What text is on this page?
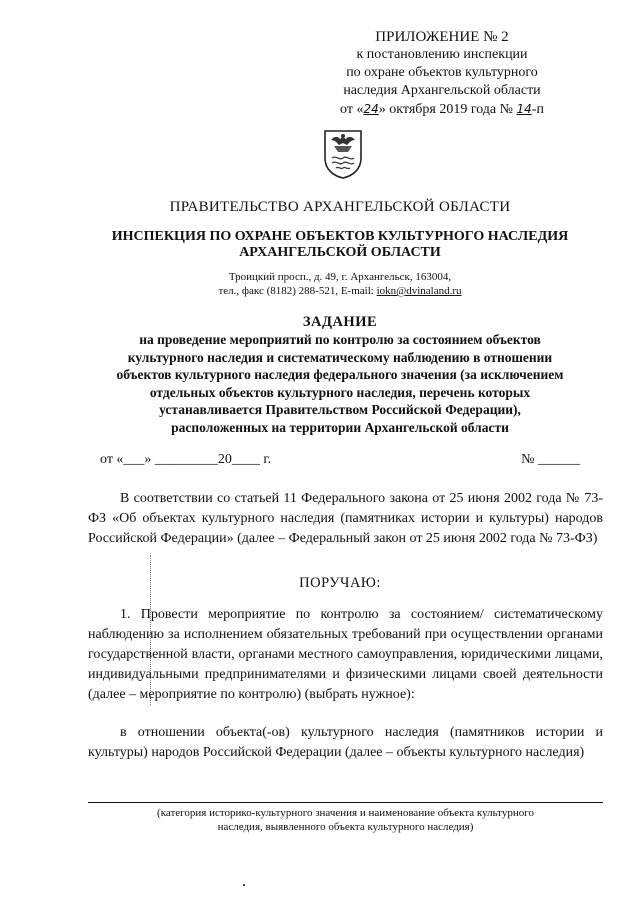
ПРИЛОЖЕНИЕ № 2
к постановлению инспекции
по охране объектов культурного
наследия Архангельской области
от «24» октября 2019 года № 14-п
ПРАВИТЕЛЬСТВО АРХАНГЕЛЬСКОЙ ОБЛАСТИ
ИНСПЕКЦИЯ ПО ОХРАНЕ ОБЪЕКТОВ КУЛЬТУРНОГО НАСЛЕДИЯ
АРХАНГЕЛЬСКОЙ ОБЛАСТИ
Троицкий просп., д. 49, г. Архангельск, 163004,
тел., факс (8182) 288-521, E-mail: iokn@dvinaland.ru
ЗАДАНИЕ
на проведение мероприятий по контролю за состоянием объектов
культурного наследия и систематическому наблюдению в отношении
объектов культурного наследия федерального значения (за исключением
отдельных объектов культурного наследия, перечень которых
устанавливается Правительством Российской Федерации),
расположенных на территории Архангельской области
от «___» _________20____ г.	№ ______
В соответствии со статьей 11 Федерального закона от 25 июня 2002 года № 73-ФЗ «Об объектах культурного наследия (памятниках истории и культуры) народов Российской Федерации» (далее – Федеральный закон от 25 июня 2002 года № 73-ФЗ)
ПОРУЧАЮ:
1. Провести мероприятие по контролю за состоянием/ систематическому наблюдению за исполнением обязательных требований при осуществлении органами государственной власти, органами местного самоуправления, юридическими лицами, индивидуальными предпринимателями и физическими лицами своей деятельности (далее – мероприятие по контролю) (выбрать нужное):
в отношении объекта(-ов) культурного наследия (памятников истории и культуры) народов Российской Федерации (далее – объекты культурного наследия)
(категория историко-культурного значения и наименование объекта культурного
наследия, выявленного объекта культурного наследия)
